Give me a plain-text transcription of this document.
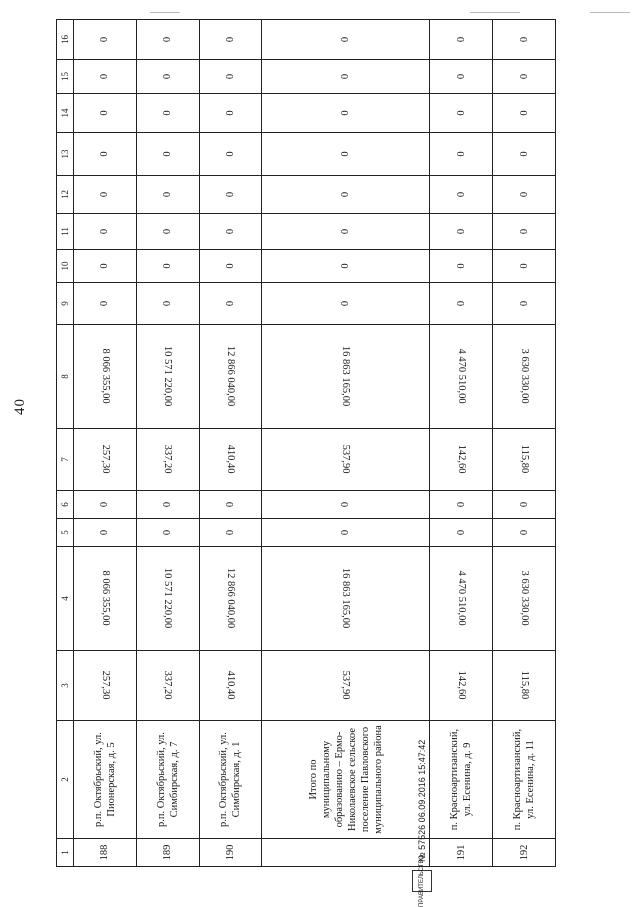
40
1	2	3	4	5	6	7	8	9	10	11	12	13	14	15	16
188	р.п. Октябрьский, ул. Пионерская, д. 5	257,30	8 066 355,00	0	0	257,30	8 066 355,00	0	0	0	0	0	0	0	0
189	р.п. Октябрьский, ул. Симбирская, д. 7	337,20	10 571 220,00	0	0	337,20	10 571 220,00	0	0	0	0	0	0	0	0
190	р.п. Октябрьский, ул. Симбирская, д. 1	410,40	12 866 040,00	0	0	410,40	12 866 040,00	0	0	0	0	0	0	0	0
	Итого по муниципальному образованию – Ермо-Николаевское сельское поселение Павловского муниципального района	537,90	16 863 165,00	0	0	537,90	16 863 165,00	0	0	0	0	0	0	0	0
191	п. Красноартизанский, ул. Есенина, д. 9	142,60	4 470 510,00	0	0	142,60	4 470 510,00	0	0	0	0	0	0	0	0
192	п. Красноартизанский, ул. Есенина, д. 11	115,80	3 630 330,00	0	0	115,80	3 630 330,00	0	0	0	0	0	0	0	0
ПРАВИТЕЛЬСТВО
№ 57526 06.09.2016 15:47:42
